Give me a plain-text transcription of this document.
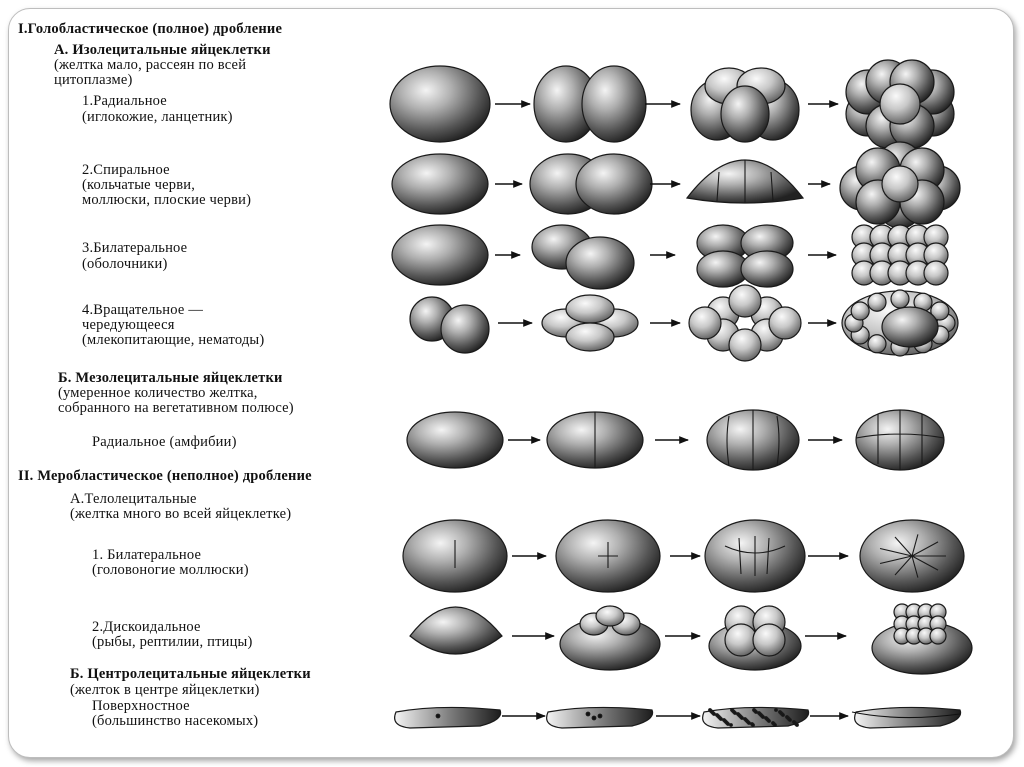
I.Голобластическое (полное) дробление
А. Изолецитальные яйцеклетки
(желтка мало, рассеян по всей
цитоплазме)
1.Радиальное
(иглокожие, ланцетник)
2.Спиральное
(кольчатые черви,
моллюски, плоские черви)
3.Билатеральное
(оболочники)
4.Вращательное —
чередующееся
(млекопитающие, нематоды)
Б. Мезолецитальные яйцеклетки
(умеренное количество желтка,
собранного на вегетативном полюсе)
Радиальное (амфибии)
II. Меробластическое (неполное) дробление
А.Телолецитальные
(желтка много во всей яйцеклетке)
1. Билатеральное
(головоногие моллюски)
2.Дискоидальное
(рыбы, рептилии, птицы)
Б. Центролецитальные яйцеклетки
(желток в центре яйцеклетки)
Поверхностное
(большинство насекомых)
